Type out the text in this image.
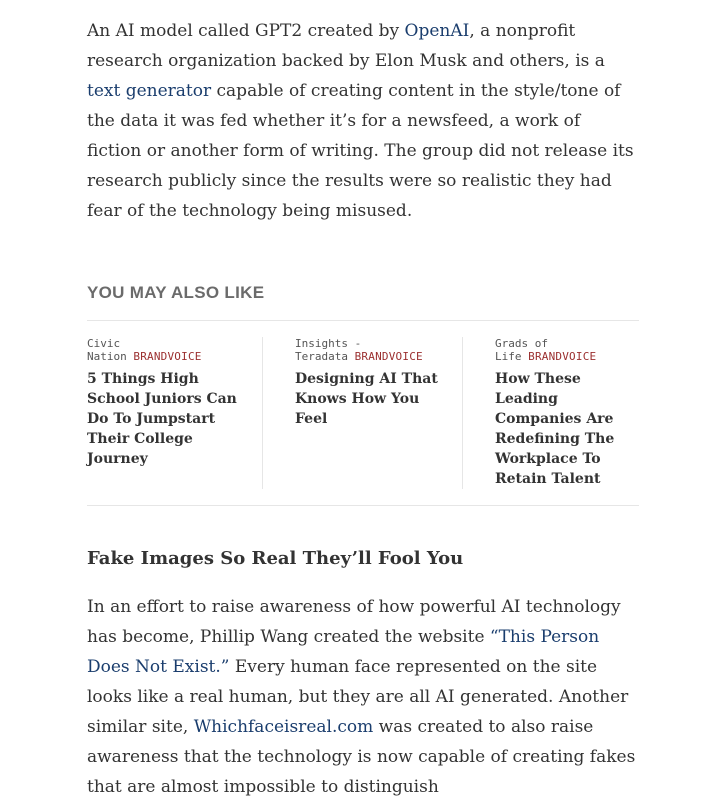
An AI model called GPT2 created by OpenAI, a nonprofit research organization backed by Elon Musk and others, is a text generator capable of creating content in the style/tone of the data it was fed whether it’s for a newsfeed, a work of fiction or another form of writing. The group did not release its research publicly since the results were so realistic they had fear of the technology being misused.

YOU MAY ALSO LIKE
Civic
Nation BRANDVOICE
5 Things High School Juniors Can Do To Jumpstart Their College Journey
Insights -
Teradata BRANDVOICE
Designing AI That Knows How You Feel
Grads of
Life BRANDVOICE
How These Leading Companies Are Redefining The Workplace To Retain Talent
Fake Images So Real They’ll Fool You

In an effort to raise awareness of how powerful AI technology has become, Phillip Wang created the website “This Person Does Not Exist.” Every human face represented on the site looks like a real human, but they are all AI generated. Another similar site, Whichfaceisreal.com was created to also raise awareness that the technology is now capable of creating fakes that are almost impossible to distinguish
